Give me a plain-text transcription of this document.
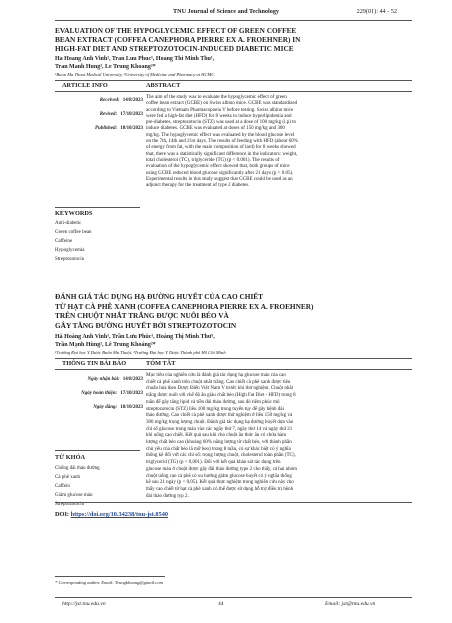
TNU Journal of Science and Technology	229(01): 44 - 52
EVALUATION OF THE HYPOGLYCEMIC EFFECT OF GREEN COFFEE
BEAN EXTRACT (COFFEA CANEPHORA PIERRE EX A. FROEHNER) IN
HIGH-FAT DIET AND STREPTOZOTOCIN-INDUCED DIABETIC MICE
Ha Hoang Anh Vinh¹, Tran Luu Phuc¹, Hoang Thi Minh Thu¹,
Tran Manh Hung², Le Trung Khoang²*
¹Buon Ma Thuot Medical University, ²University of Medicine and Pharmacy at HCMC
ARTICLE INFO	ABSTRACT
Received: 14/8/2023
Revised: 17/10/2023
Published: 18/10/2023
KEYWORDS
Anti-diabetic
Green coffee bean
Caffeine
Hypoglycemia
Streptozotocin
The aim of the study was to evaluate the hypoglycemic effect of green
coffee bean extract (GCBE) on Swiss albino mice. GCBE was standardized
according to Vietnam Pharmacopoeia V before testing. Swiss albino mice
were fed a high-fat diet (HFD) for 8 weeks to induce hyperlipidemia and
pre-diabetes, streptozotocin (STZ) was used at a dose of 100 mg/kg (i.p) to
induce diabetes. GCBE was evaluated at doses of 150 mg/kg and 300
mg/kg. The hypoglycemic effect was evaluated by the blood glucose level
on the 7th, 14th and 21st days. The results of feeding with HFD (about 60%
of energy from fat, with the main composition of lard) for 8 weeks showed
that, there was a statistically significant difference in the indicators: weight,
total cholesterol (TC), triglyceride (TG) (p < 0.001). The results of
evaluation of the hypoglycemic effect showed that, both groups of mice
using GCBE reduced blood glucose significantly after 21 days (p < 0.05).
Experimental results in this study suggest that GCBE could be used as an
adjunct therapy for the treatment of type 2 diabetes.
ĐÁNH GIÁ TÁC DỤNG HẠ ĐƯỜNG HUYẾT CỦA CAO CHIẾT
TỪ HẠT CÀ PHÊ XANH (COFFEA CANEPHORA PIERRE EX A. FROEHNER)
TRÊN CHUỘT NHẮT TRẮNG ĐƯỢC NUÔI BÉO VÀ
GÂY TĂNG ĐƯỜNG HUYẾT BỞI STREPTOZOTOCIN
Hà Hoàng Anh Vinh¹, Trần Lưu Phúc¹, Hoàng Thị Minh Thư¹,
Trần Mạnh Hùng², Lê Trung Khoáng²*
¹Trường Đại học Y Dược Buôn Ma Thuột, ²Trường Đại học Y Dược Thành phố Hồ Chí Minh
THÔNG TIN BÀI BÁO	TÓM TẮT
Ngày nhận bài: 14/8/2023
Ngày hoàn thiện: 17/10/2023
Ngày đăng: 18/10/2023
TỪ KHÓA
Chống đái tháo đường
Cà phê xanh
Caffein
Giảm glucose máu
Streptozotocin
Mục tiêu của nghiên cứu là đánh giá tác dụng hạ glucose máu của cao
chiết cà phê xanh trên chuột nhắt trắng. Cao chiết cà phê xanh được tiêu
chuẩn hóa theo Dược Điển Việt Nam V trước khi thử nghiệm. Chuột nhắt
trắng được nuôi với chế độ ăn giàu chất béo (High Fat Diet - HFD) trong 8
tuần để gây tăng lipid và tiền đái tháo đường, sau đó tiêm phúc mô
streptozotocin (STZ) liều 100 mg/kg trong tuyến tụy để gây bệnh đái
tháo đường. Cao chiết cà phê xanh được thử nghiệm ở liều 150 mg/kg và
300 mg/kg trọng lượng chuột. Đánh giá tác dụng hạ đường huyết dựa vào
chỉ số glucose trong máu vào các ngày thứ 7, ngày thứ 14 và ngày thứ 21
khi uống cao chiết. Kết quả sau khi cho chuột ăn thức ăn có chứa hàm
lượng chất béo cao (khoảng 60% năng lượng từ chất béo, với thành phần
chủ yếu của chất béo là mỡ heo) trong 8 tuần, có sự khác biệt có ý nghĩa
thống kê đối với các chỉ số: trọng lượng chuột, cholesterol toàn phần (TC),
triglycerid (TG) (p < 0,001). Đối với kết quả khảo sát tác dụng trên
glucose máu ở chuột được gây đái tháo đường type 2 cho thấy, cả hai nhóm
chuột uống cao cà phê có xu hướng giảm glucose huyết có ý nghĩa thống
kê sau 21 ngày (p < 0,05). Kết quả thực nghiệm trong nghiên cứu này cho
thấy cao chiết từ hạt cà phê xanh có thể được sử dụng hỗ trợ điều trị bệnh
đái tháo đường typ 2.
DOI: https://doi.org/10.34238/tnu-jst.8540
* Corresponding author. Email: Trungkhoang@gmail.com
http://jst.tnu.edu.vn	44	Email: jst@tnu.edu.vn
